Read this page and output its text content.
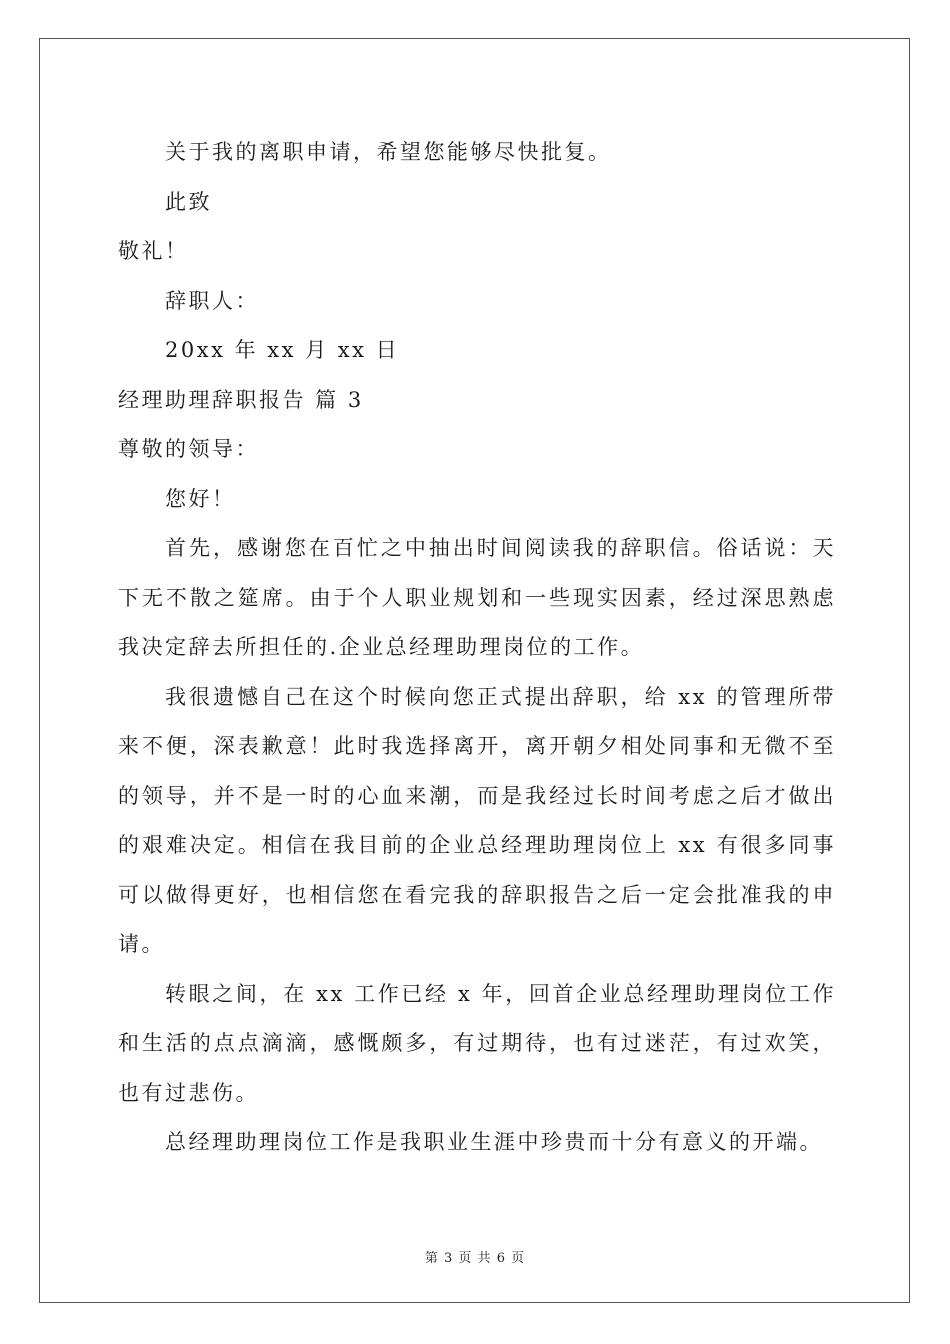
关于我的离职申请，希望您能够尽快批复。
此致
敬礼！
辞职人：
20xx 年 xx 月 xx 日
经理助理辞职报告 篇 3
尊敬的领导：
您好！

首先，感谢您在百忙之中抽出时间阅读我的辞职信。俗话说：天下无不散之筵席。由于个人职业规划和一些现实因素，经过深思熟虑我决定辞去所担任的.企业总经理助理岗位的工作。

我很遗憾自己在这个时候向您正式提出辞职，给 xx 的管理所带来不便，深表歉意！此时我选择离开，离开朝夕相处同事和无微不至的领导，并不是一时的心血来潮，而是我经过长时间考虑之后才做出的艰难决定。相信在我目前的企业总经理助理岗位上 xx 有很多同事可以做得更好，也相信您在看完我的辞职报告之后一定会批准我的申请。

转眼之间，在 xx 工作已经 x 年，回首企业总经理助理岗位工作和生活的点点滴滴，感慨颇多，有过期待，也有过迷茫，有过欢笑，也有过悲伤。

总经理助理岗位工作是我职业生涯中珍贵而十分有意义的开端。

第 3 页 共 6 页
